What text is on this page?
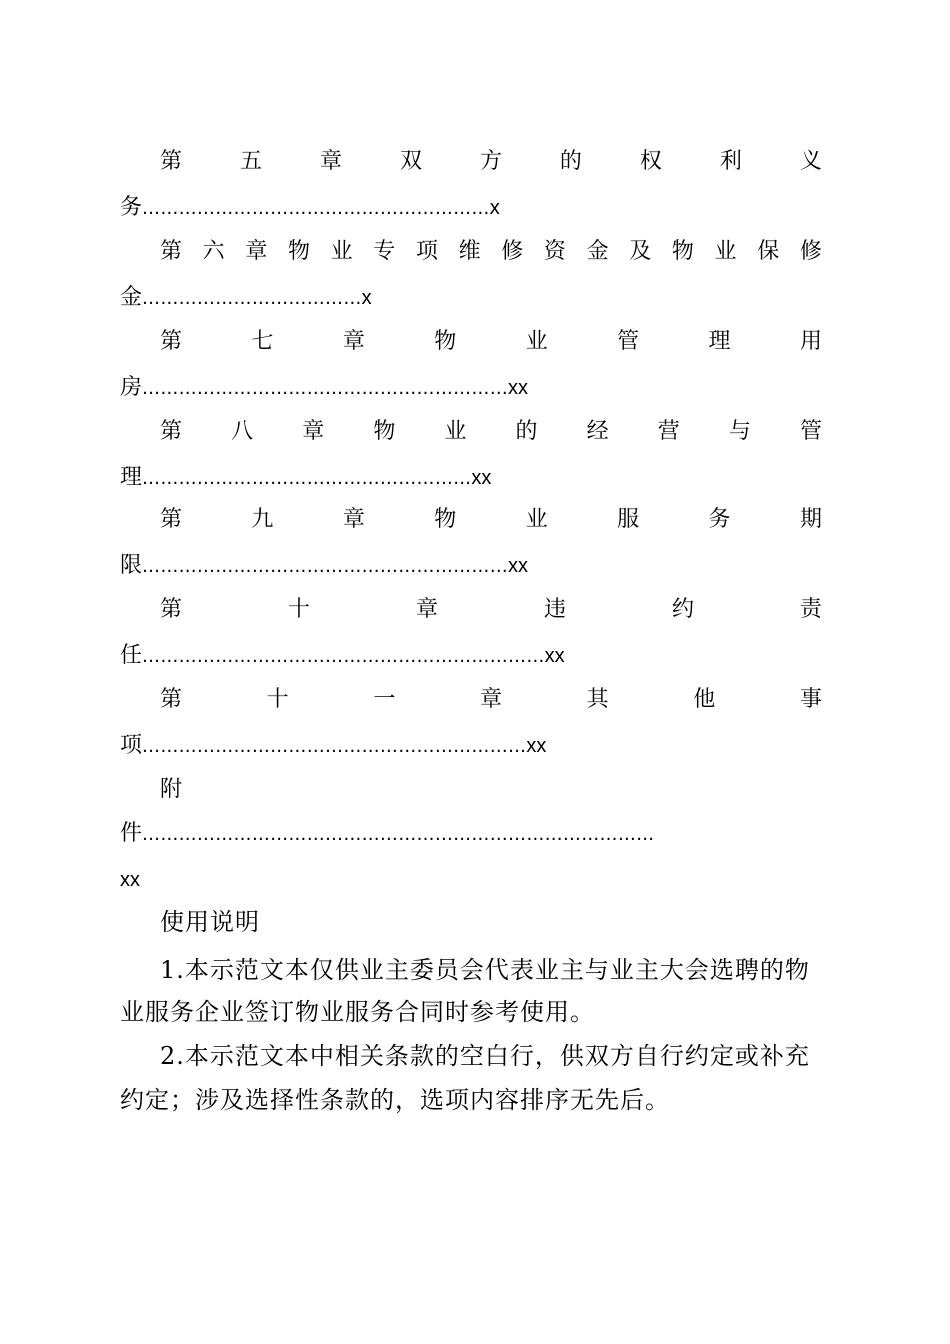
第	五	章	双	方	的	权	利	义
务 ………………………………………………… x
第 六 章 物 业 专 项 维 修 资 金 及 物 业 保 修
金 ……………………………… x
第	七	章	物	业	管	理	用
房 …………………………………………………… xx
第 八 章 物 业 的 经 营 与 管
理 ……………………………………………… xx
第	九	章	物	业	服	务	期
限 …………………………………………………… xx
第	十	章	违	约	责
任 ………………………………………………………… xx
第	十	一	章	其	他	事
项 ……………………………………………………… xx
附
件 …………………………………………………………………………
xx
使用说明
1.本示范文本仅供业主委员会代表业主与业主大会选聘的物
业服务企业签订物业服务合同时参考使用。
2.本示范文本中相关条款的空白行，供双方自行约定或补充
约定；涉及选择性条款的，选项内容排序无先后。
